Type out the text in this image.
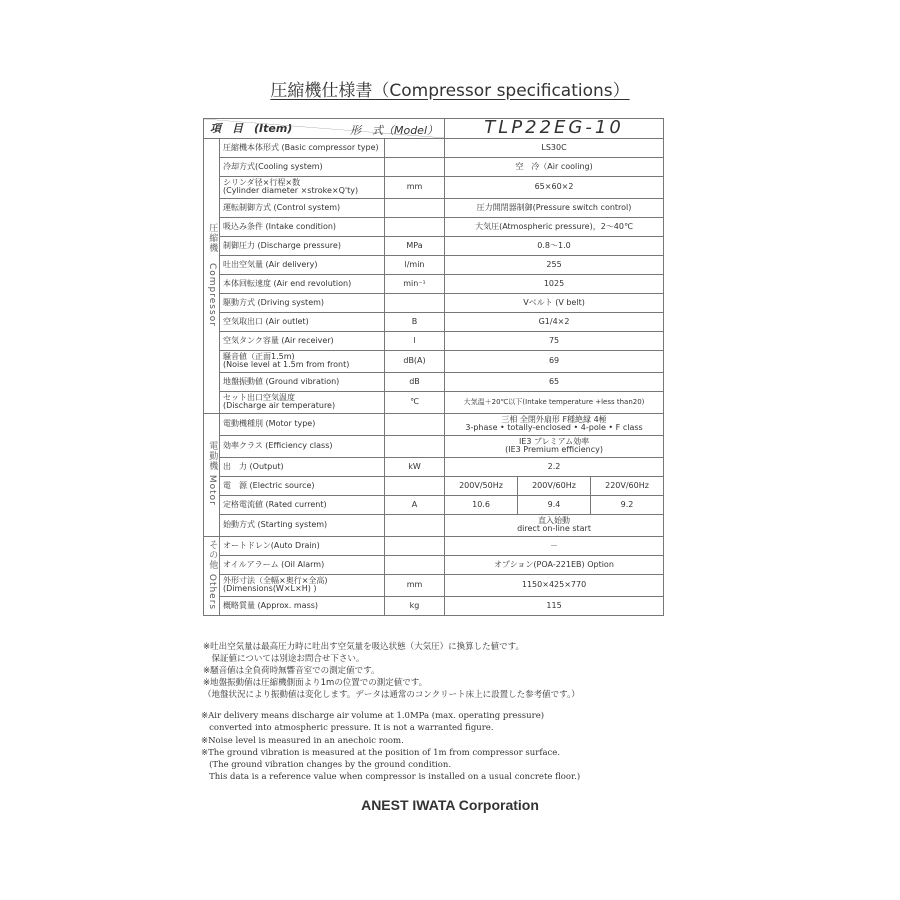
圧縮機仕様書（Compressor specifications）
形　式（Model）
項　目　(Item)			TLP22EG-10		
圧縮機　Compressor	圧縮機本体形式 (Basic compressor type)		LS30C		
	冷却方式(Cooling system)		空　冷（Air cooling)		

	シリンダ径×行程×数
(Cylinder diameter ×stroke×Q'ty)	mm	65×60×2		
	運転制御方式 (Control system)		圧力開閉器制御(Pressure switch control)		
	吸込み条件 (Intake condition)		大気圧(Atmospheric pressure)，2～40℃		
	制御圧力 (Discharge pressure)	MPa	0.8～1.0		
	吐出空気量 (Air delivery)	l/min	255		
	本体回転速度 (Air end revolution)	min⁻¹	1025		
	駆動方式 (Driving system)		Vベルト (V belt)		
	空気取出口 (Air outlet)	B	G1/4×2		
	空気タンク容量 (Air receiver)	l	75		

	騒音値（正面1.5m)
(Noise level at 1.5m from front)	dB(A)	69		
	地盤振動値 (Ground vibration)	dB	65		

	セット出口空気温度
(Discharge air temperature)	℃	大気温＋20℃以下(Intake temperature +less than20)		
電動機 Motor	電動機種別 (Motor type)		三相 全閉外扇形 F種絶縁 4極
3-phase • totally-enclosed • 4-pole • F class		

	効率クラス (Efficiency class)		IE3 プレミアム効率
(IE3 Premium efficiency)		

	出　力 (Output)	kW	2.2		
	電　源 (Electric source)		200V/50Hz	200V/60Hz	220V/60Hz
	定格電流値 (Rated current)	A	10.6	9.4	9.2
	始動方式 (Starting system)		直入始動
direct on-line start		

その他 Others	オートドレン(Auto Drain)		－		
	オイルアラーム (Oil Alarm)		オプション(POA-221EB) Option		

	外形寸法（全幅×奥行×全高)
(Dimensions(W×L×H) )	mm	1150×425×770		
	概略質量 (Approx. mass)	kg	115		
※吐出空気量は最高圧力時に吐出す空気量を吸込状態（大気圧）に換算した値です。
　保証値については別途お問合せ下さい。
※騒音値は全負荷時無響音室での測定値です。
※地盤振動値は圧縮機側面より1mの位置での測定値です。
（地盤状況により振動値は変化します。データは通常のコンクリート床上に設置した参考値です。）
※Air delivery means discharge air volume at 1.0MPa (max. operating pressure)
converted into atmospheric pressure. It is not a warranted figure.
※Noise level is measured in an anechoic room.
※The ground vibration is measured at the position of 1m from compressor surface.
(The ground vibration changes by the ground condition.
This data is a reference value when compressor is installed on a usual concrete floor.)
ANEST IWATA Corporation
